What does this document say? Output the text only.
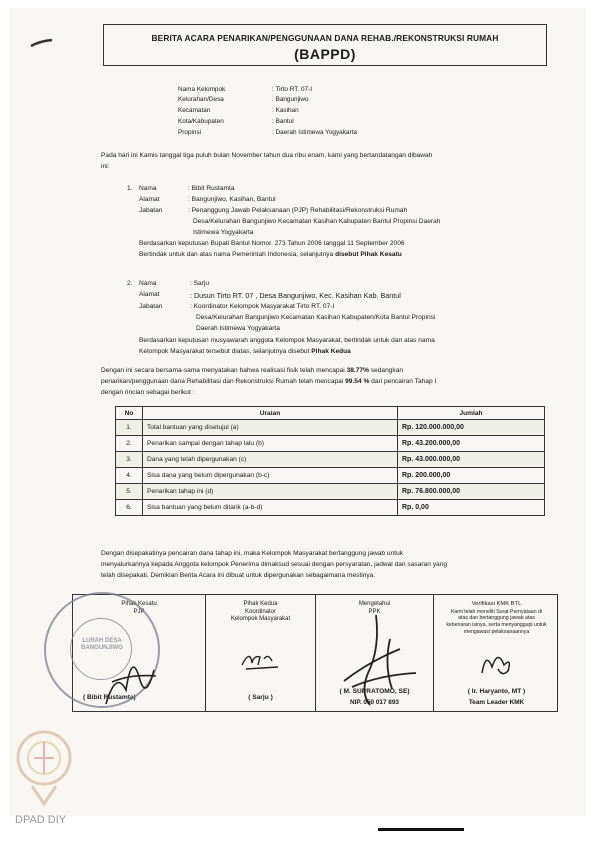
BERITA ACARA PENARIKAN/PENGGUNAAN DANA REHAB./REKONSTRUKSI RUMAH
(BAPPD)
Nama Kelompok	: Tirto RT. 07-I
Kelurahan/Desa	: Bangunjiwo
Kecamatan	: Kasihan
Kota/Kabupaten	: Bantul
Propinsi	: Daerah Istimewa Yogyakarta
Pada hari ini Kamis tanggal tiga puluh bulan November tahun dua ribu enam, kami yang bertandatangan dibawah
ini:
1. Nama	: Bibit Rustamta
Alamat	: Bangunjiwo, Kasihan, Bantul
Jabatan	: Penanggung Jawab Pelaksanaan (PJP) Rehabilitasi/Rekonstruksi Rumah
Desa/Kelurahan Bangunjiwo Kecamatan Kasihan Kabupaten Bantul Propinsi Daerah
Istimewa Yogyakarta
Berdasarkan keputusan Bupati Bantul Nomor. 273 Tahun 2006 tanggal 11 September 2006
Bertindak untuk dan atas nama Pemerintah Indonesia, selanjutnya disebut Pihak Kesatu
2. Nama	: Sarju
Alamat	: Dusun Tirto RT. 07 , Desa Bangunjiwo, Kec. Kasihan Kab. Bantul
Jabatan	: Koordinator Kelompok Masyarakat Tirto RT. 07-I
Desa/Kelurahan Bangunjiwo Kecamatan Kasihan Kabupaten/Kota Bantul Propinsi
Daerah Istimewa Yogyakarta
Berdasarkan keputusan musyawarah anggota Kelompok Masyarakat, bertindak untuk dan atas nama
Kelompok Masyarakat tersebut diatas, selanjutnya disebut Pihak Kedua
Dengan ini secara bersama-sama menyatakan bahwa realisasi fisik telah mencapai 38.77% sedangkan
penarikan/penggunaan dana Rehabilitasi dan Rekonstruksi Rumah telah mencapai 99.54 % dari pencairan Tahap I
dengan rincian sebagai berikut :
No	Uraian	Jumlah
1.	Total bantuan yang disetujui (a)	Rp. 120.000.000,00
2.	Penarikan sampai dengan tahap lalu (b)	Rp. 43.200.000,00
3.	Dana yang telah dipergunakan (c)	Rp. 43.000.000,00
4.	Sisa dana yang belum dipergunakan (b-c)	Rp. 200.000,00
5.	Penarikan tahap ini (d)	Rp. 76.800.000,00
6.	Sisa bantuan yang belum ditarik (a-b-d)	Rp. 0,00
Dengan disepakatinya pencairan dana tahap ini, maka Kelompok Masyarakat bertanggung jawab untuk
menyalurkannya kepada Anggota kelompok Penerima dimaksud sesuai dengan persyaratan, jadwal dan sasaran yang
telah disepakati. Demikian Berita Acara ini dibuat untuk dipergunakan sebagaimana mestinya.
Pihak Kesatu
PJP
( Bibit Rustamta)
Pihak Kedua
Koordinator
Kelompok Masyarakat
( Sarju )
Mengetahui
PPK
( M. SUPRATOMO, SE)
NIP. 050 017 893
Verifikasi KMK BTL
Kami telah meneliti Surat Pernyataan di
atas dan bertanggung jawab atas
kebenaran isinya, serta menyanggupi untuk
mengawasi pelaksanaannya
( Ir. Haryanto, MT )
Team Leader KMK
LURAH DESA BANGUNJIWO
DPAD DIY
